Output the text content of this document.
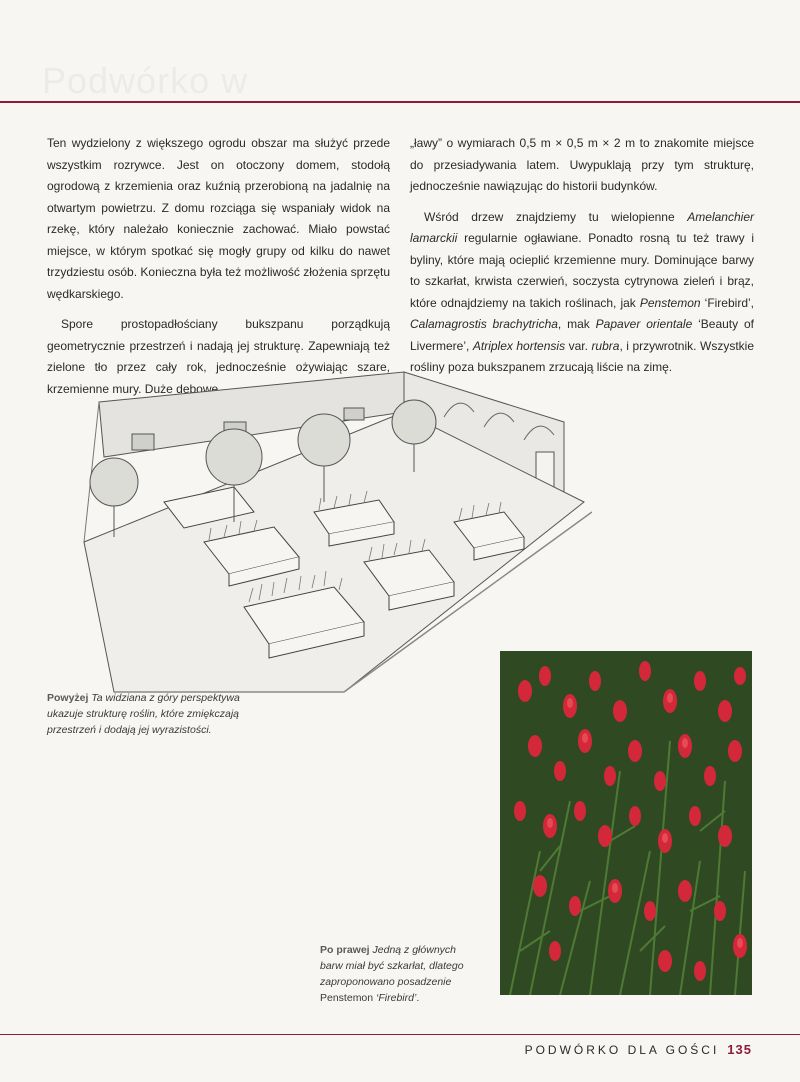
Podwórko w

Ten wydzielony z większego ogrodu obszar ma służyć przede wszystkim rozrywce. Jest on otoczony domem, stodołą ogrodową z krzemienia oraz kuźnią przerobioną na jadalnię na otwartym powietrzu. Z domu rozciąga się wspaniały widok na rzekę, który należało koniecznie zachować. Miało powstać miejsce, w którym spotkać się mogły grupy od kilku do nawet trzydziestu osób. Konieczna była też możliwość złożenia sprzętu wędkarskiego.

Spore prostopadłościany bukszpanu porządkują geometrycznie przestrzeń i nadają jej strukturę. Zapewniają też zielone tło przez cały rok, jednocześnie ożywiając szare, krzemienne mury. Duże dębowe

„ławy” o wymiarach 0,5 m × 0,5 m × 2 m to znakomite miejsce do przesiadywania latem. Uwypuklają przy tym strukturę, jednocześnie nawiązując do historii budynków.

Wśród drzew znajdziemy tu wielopienne Amelanchier lamarckii regularnie ogławiane. Ponadto rosną tu też trawy i byliny, które mają ocieplić krzemienne mury. Dominujące barwy to szkarłat, krwista czerwień, soczysta cytrynowa zieleń i brąz, które odnajdziemy na takich roślinach, jak Penstemon ‘Firebird’, Calamagrostis brachytricha, mak Papaver orientale ‘Beauty of Livermere’, Atriplex hortensis var. rubra, i przywrotnik. Wszystkie rośliny poza bukszpanem zrzucają liście na zimę.

Powyżej Ta widziana z góry perspektywa ukazuje strukturę roślin, które zmiękczają przestrzeń i dodają jej wyrazistości.
Po prawej Jedną z głównych barw miał być szkarłat, dlatego zaproponowano posadzenie Penstemon ‘Firebird’.
PODWÓRKO DLA GOŚCI 135
